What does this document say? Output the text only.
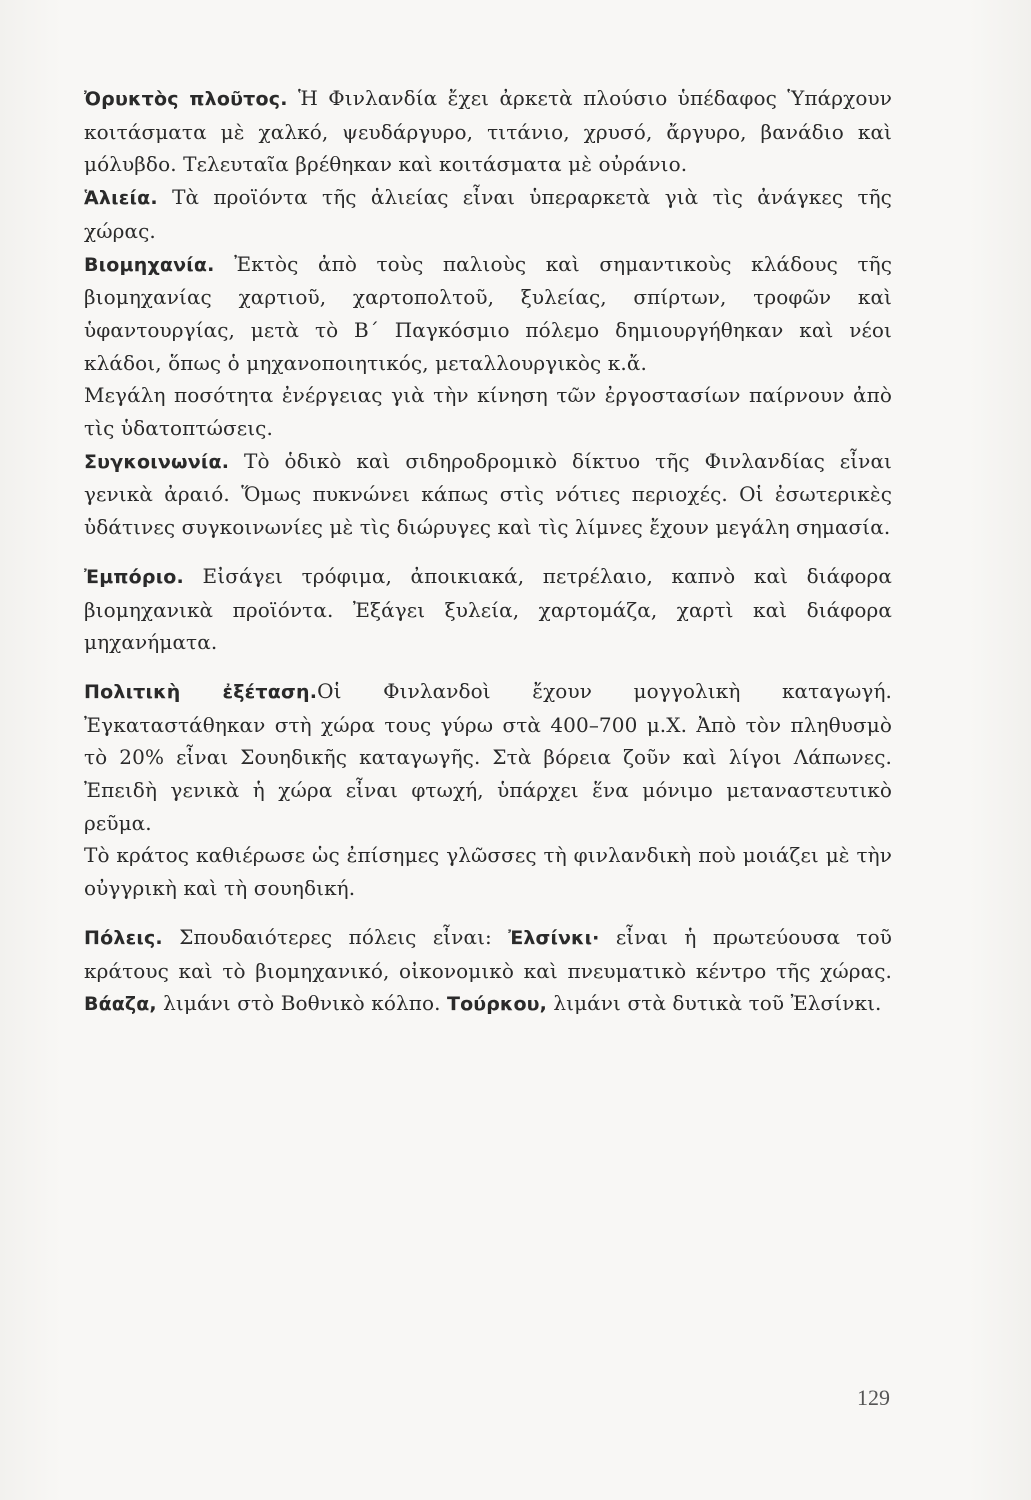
Ὀρυκτὸς πλοῦτος. Ἡ Φινλανδία ἔχει ἀρκετὰ πλούσιο ὑπέδαφος Ὑπάρχουν κοιτάσματα μὲ χαλκό, ψευδάργυρο, τιτάνιο, χρυσό, ἄργυρο, βανάδιο καὶ μόλυβδο. Τελευταῖα βρέθηκαν καὶ κοιτάσματα μὲ οὐράνιο.

Ἁλιεία. Τὰ προϊόντα τῆς ἁλιείας εἶναι ὑπεραρκετὰ γιὰ τὶς ἀνάγκες τῆς χώρας.

Βιομηχανία. Ἐκτὸς ἀπὸ τοὺς παλιοὺς καὶ σημαντικοὺς κλάδους τῆς βιομηχανίας χαρτιοῦ, χαρτοπολτοῦ, ξυλείας, σπίρτων, τροφῶν καὶ ὑφαντουργίας, μετὰ τὸ Β΄ Παγκόσμιο πόλεμο δημιουργήθηκαν καὶ νέοι κλάδοι, ὅπως ὁ μηχανοποιητικός, μεταλλουργικὸς κ.ἄ.

Μεγάλη ποσότητα ἐνέργειας γιὰ τὴν κίνηση τῶν ἐργοστασίων παίρνουν ἀπὸ τὶς ὑδατοπτώσεις.

Συγκοινωνία. Τὸ ὁδικὸ καὶ σιδηροδρομικὸ δίκτυο τῆς Φινλανδίας εἶναι γενικὰ ἀραιό. Ὅμως πυκνώνει κάπως στὶς νότιες περιοχές. Οἱ ἐσωτερικὲς ὑδάτινες συγκοινωνίες μὲ τὶς διώρυγες καὶ τὶς λίμνες ἔχουν μεγάλη σημασία.

Ἐμπόριο. Εἰσάγει τρόφιμα, ἀποικιακά, πετρέλαιο, καπνὸ καὶ διάφορα βιομηχανικὰ προϊόντα. Ἐξάγει ξυλεία, χαρτομάζα, χαρτὶ καὶ διάφορα μηχανήματα.

Πολιτικὴ ἐξέταση.Οἱ Φινλανδοὶ ἔχουν μογγολικὴ καταγωγή. Ἐγκαταστάθηκαν στὴ χώρα τους γύρω στὰ 400–700 μ.Χ. Ἀπὸ τὸν πληθυσμὸ τὸ 20% εἶναι Σουηδικῆς καταγωγῆς. Στὰ βόρεια ζοῦν καὶ λίγοι Λάπωνες. Ἐπειδὴ γενικὰ ἡ χώρα εἶναι φτωχή, ὑπάρχει ἕνα μόνιμο μεταναστευτικὸ ρεῦμα.

Τὸ κράτος καθιέρωσε ὡς ἐπίσημες γλῶσσες τὴ φινλανδικὴ ποὺ μοιάζει μὲ τὴν οὐγγρικὴ καὶ τὴ σουηδική.

Πόλεις. Σπουδαιότερες πόλεις εἶναι: Ἐλσίνκι· εἶναι ἡ πρωτεύουσα τοῦ κράτους καὶ τὸ βιομηχανικό, οἰκονομικὸ καὶ πνευματικὸ κέντρο τῆς χώρας. Βάαζα, λιμάνι στὸ Βοθνικὸ κόλπο. Τούρκου, λιμάνι στὰ δυτικὰ τοῦ Ἐλσίνκι.

129
